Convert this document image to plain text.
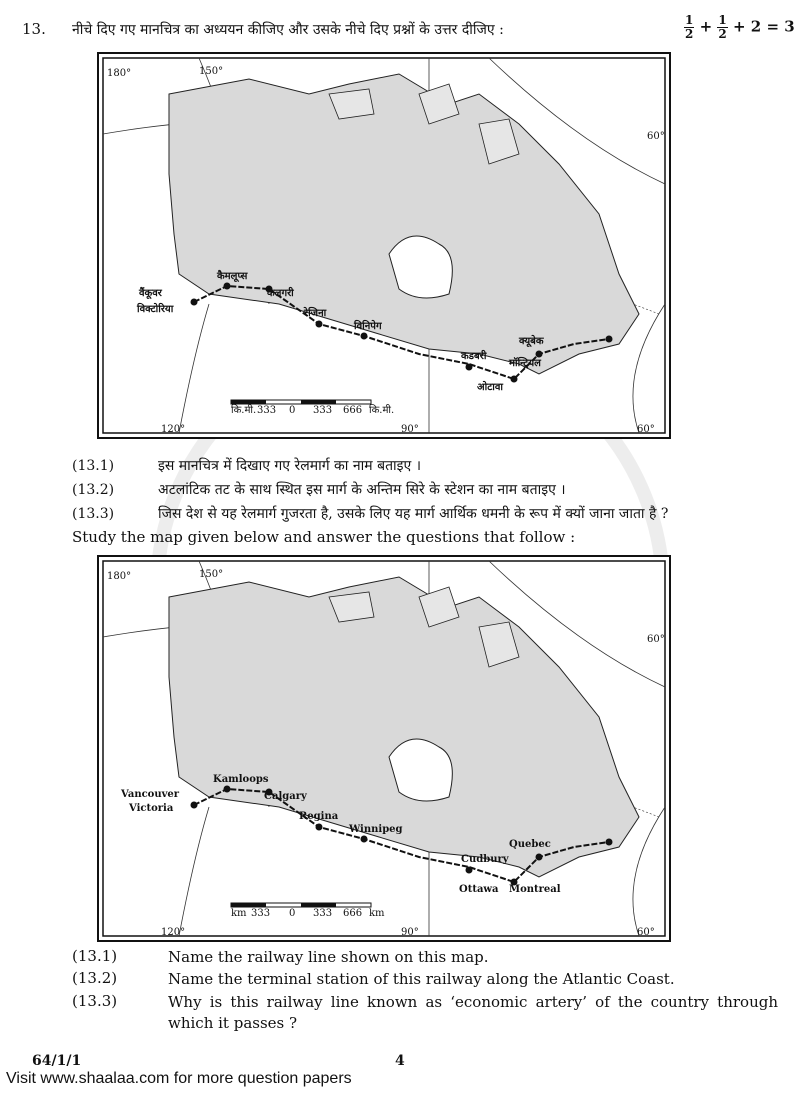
13. नीचे दिए गए मानचित्र का अध्ययन कीजिए और उसके नीचे दिए प्रश्नों के उत्तर दीजिए :	$\frac{1}{2} + \frac{1}{2} + 2 = 3$
150°
180°
120°	90°
60°
60°
वैंकूवर
विक्टोरिया
कैमलूप्स
कैलगरी
रेजिना
विनिपेग
कडबरी
मॉन्ट्रियल
क्यूबेक
ओटावा
कि.मी. 333 0 333 666 कि.मी.
(13.1)	इस मानचित्र में दिखाए गए रेलमार्ग का नाम बताइए ।
(13.2)	अटलांटिक तट के साथ स्थित इस मार्ग के अन्तिम सिरे के स्टेशन का नाम बताइए ।
(13.3)	जिस देश से यह रेलमार्ग गुजरता है, उसके लिए यह मार्ग आर्थिक धमनी के रूप में क्यों जाना जाता है ?
Study the map given below and answer the questions that follow :
150°
180°
120°	90°
60°
60°
Vancouver
Victoria
Kamloops
Calgary
Regina
Winnipeg
Cudbury
Montreal
Quebec
Ottawa
km 333 0 333 666 km
(13.1)	Name the railway line shown on this map.
(13.2)	Name the terminal station of this railway along the Atlantic Coast.
(13.3)	Why is this railway line known as ‘economic artery’ of the country through which it passes ?
64/1/1	4
Visit www.shaalaa.com for more question papers
